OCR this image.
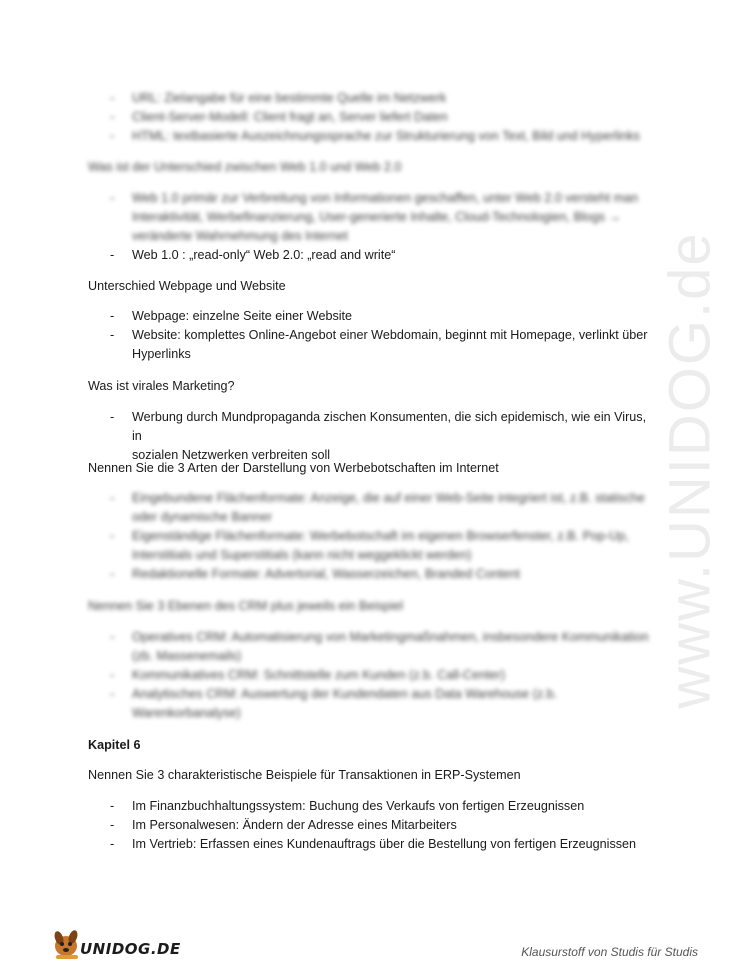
www.UNIDOG.de
- URL: Zielangabe für eine bestimmte Quelle im Netzwerk
- Client-Server-Modell: Client fragt an, Server liefert Daten
- HTML: textbasierte Auszeichnungssprache zur Strukturierung von Text, Bild und Hyperlinks
Was ist der Unterschied zwischen Web 1.0 und Web 2.0
- Web 1.0 primär zur Verbreitung von Informationen geschaffen, unter Web 2.0 versteht man
Interaktivität, Werbefinanzierung, User-generierte Inhalte, Cloud-Technologien, Blogs →
veränderte Wahrnehmung des Internet
- Web 1.0 : „read-only“ Web 2.0: „read and write“
Unterschied Webpage und Website
- Webpage: einzelne Seite einer Website
- Website: komplettes Online-Angebot einer Webdomain, beginnt mit Homepage, verlinkt über
Hyperlinks
Was ist virales Marketing?
- Werbung durch Mundpropaganda zischen Konsumenten, die sich epidemisch, wie ein Virus, in
sozialen Netzwerken verbreiten soll
Nennen Sie die 3 Arten der Darstellung von Werbebotschaften im Internet
- Eingebundene Flächenformate: Anzeige, die auf einer Web-Seite integriert ist, z.B. statische
oder dynamische Banner
- Eigenständige Flächenformate: Werbebotschaft im eigenen Browserfenster, z.B. Pop-Up,
Interstitials und Superstitials (kann nicht weggeklickt werden)
- Redaktionelle Formate: Advertorial, Wasserzeichen, Branded Content
Nennen Sie 3 Ebenen des CRM plus jeweils ein Beispiel
- Operatives CRM: Automatisierung von Marketingmaßnahmen, insbesondere Kommunikation
(zb. Massenemails)
- Kommunikatives CRM: Schnittstelle zum Kunden (z.b. Call-Center)
- Analytisches CRM: Auswertung der Kundendaten aus Data Warehouse (z.b. Warenkorbanalyse)
Kapitel 6
Nennen Sie 3 charakteristische Beispiele für Transaktionen in ERP-Systemen
- Im Finanzbuchhaltungssystem: Buchung des Verkaufs von fertigen Erzeugnissen
- Im Personalwesen: Ändern der Adresse eines Mitarbeiters
- Im Vertrieb: Erfassen eines Kundenauftrags über die Bestellung von fertigen Erzeugnissen
UNIDOG.DE	Klausurstoff von Studis für Studis
